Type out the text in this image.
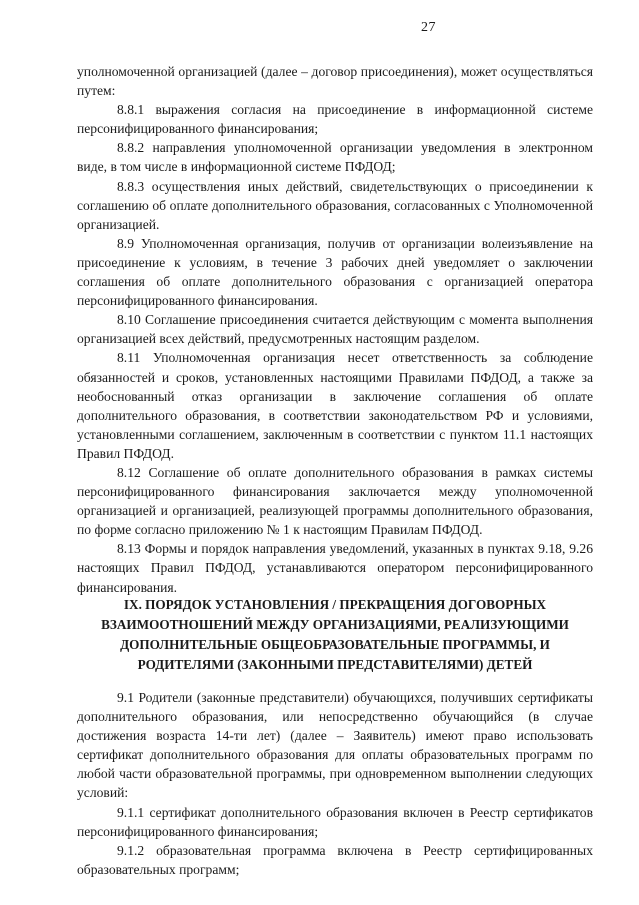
27

уполномоченной организацией (далее – договор присоединения), может осуществляться путем:

8.8.1 выражения согласия на присоединение в информационной системе персонифицированного финансирования;

8.8.2 направления уполномоченной организации уведомления в электронном виде, в том числе в информационной системе ПФДОД;

8.8.3 осуществления иных действий, свидетельствующих о присоединении к соглашению об оплате дополнительного образования, согласованных с Уполномоченной организацией.

8.9 Уполномоченная организация, получив от организации волеизъявление на присоединение к условиям, в течение 3 рабочих дней уведомляет о заключении соглашения об оплате дополнительного образования с организацией оператора персонифицированного финансирования.

8.10 Соглашение присоединения считается действующим с момента выполнения организацией всех действий, предусмотренных настоящим разделом.

8.11 Уполномоченная организация несет ответственность за соблюдение обязанностей и сроков, установленных настоящими Правилами ПФДОД, а также за необоснованный отказ организации в заключение соглашения об оплате дополнительного образования, в соответствии законодательством РФ и условиями, установленными соглашением, заключенным в соответствии с пунктом 11.1 настоящих Правил ПФДОД.

8.12 Соглашение об оплате дополнительного образования в рамках системы персонифицированного финансирования заключается между уполномоченной организацией и организацией, реализующей программы дополнительного образования, по форме согласно приложению № 1 к настоящим Правилам ПФДОД.

8.13 Формы и порядок направления уведомлений, указанных в пунктах 9.18, 9.26 настоящих Правил ПФДОД, устанавливаются оператором персонифицированного финансирования.

IX. ПОРЯДОК УСТАНОВЛЕНИЯ / ПРЕКРАЩЕНИЯ ДОГОВОРНЫХ
ВЗАИМООТНОШЕНИЙ МЕЖДУ ОРГАНИЗАЦИЯМИ, РЕАЛИЗУЮЩИМИ
ДОПОЛНИТЕЛЬНЫЕ ОБЩЕОБРАЗОВАТЕЛЬНЫЕ ПРОГРАММЫ, И
РОДИТЕЛЯМИ (ЗАКОННЫМИ ПРЕДСТАВИТЕЛЯМИ) ДЕТЕЙ

9.1 Родители (законные представители) обучающихся, получивших сертификаты дополнительного образования, или непосредственно обучающийся (в случае достижения возраста 14-ти лет) (далее – Заявитель) имеют право использовать сертификат дополнительного образования для оплаты образовательных программ по любой части образовательной программы, при одновременном выполнении следующих условий:

9.1.1 сертификат дополнительного образования включен в Реестр сертификатов персонифицированного финансирования;

9.1.2 образовательная программа включена в Реестр сертифицированных образовательных программ;
